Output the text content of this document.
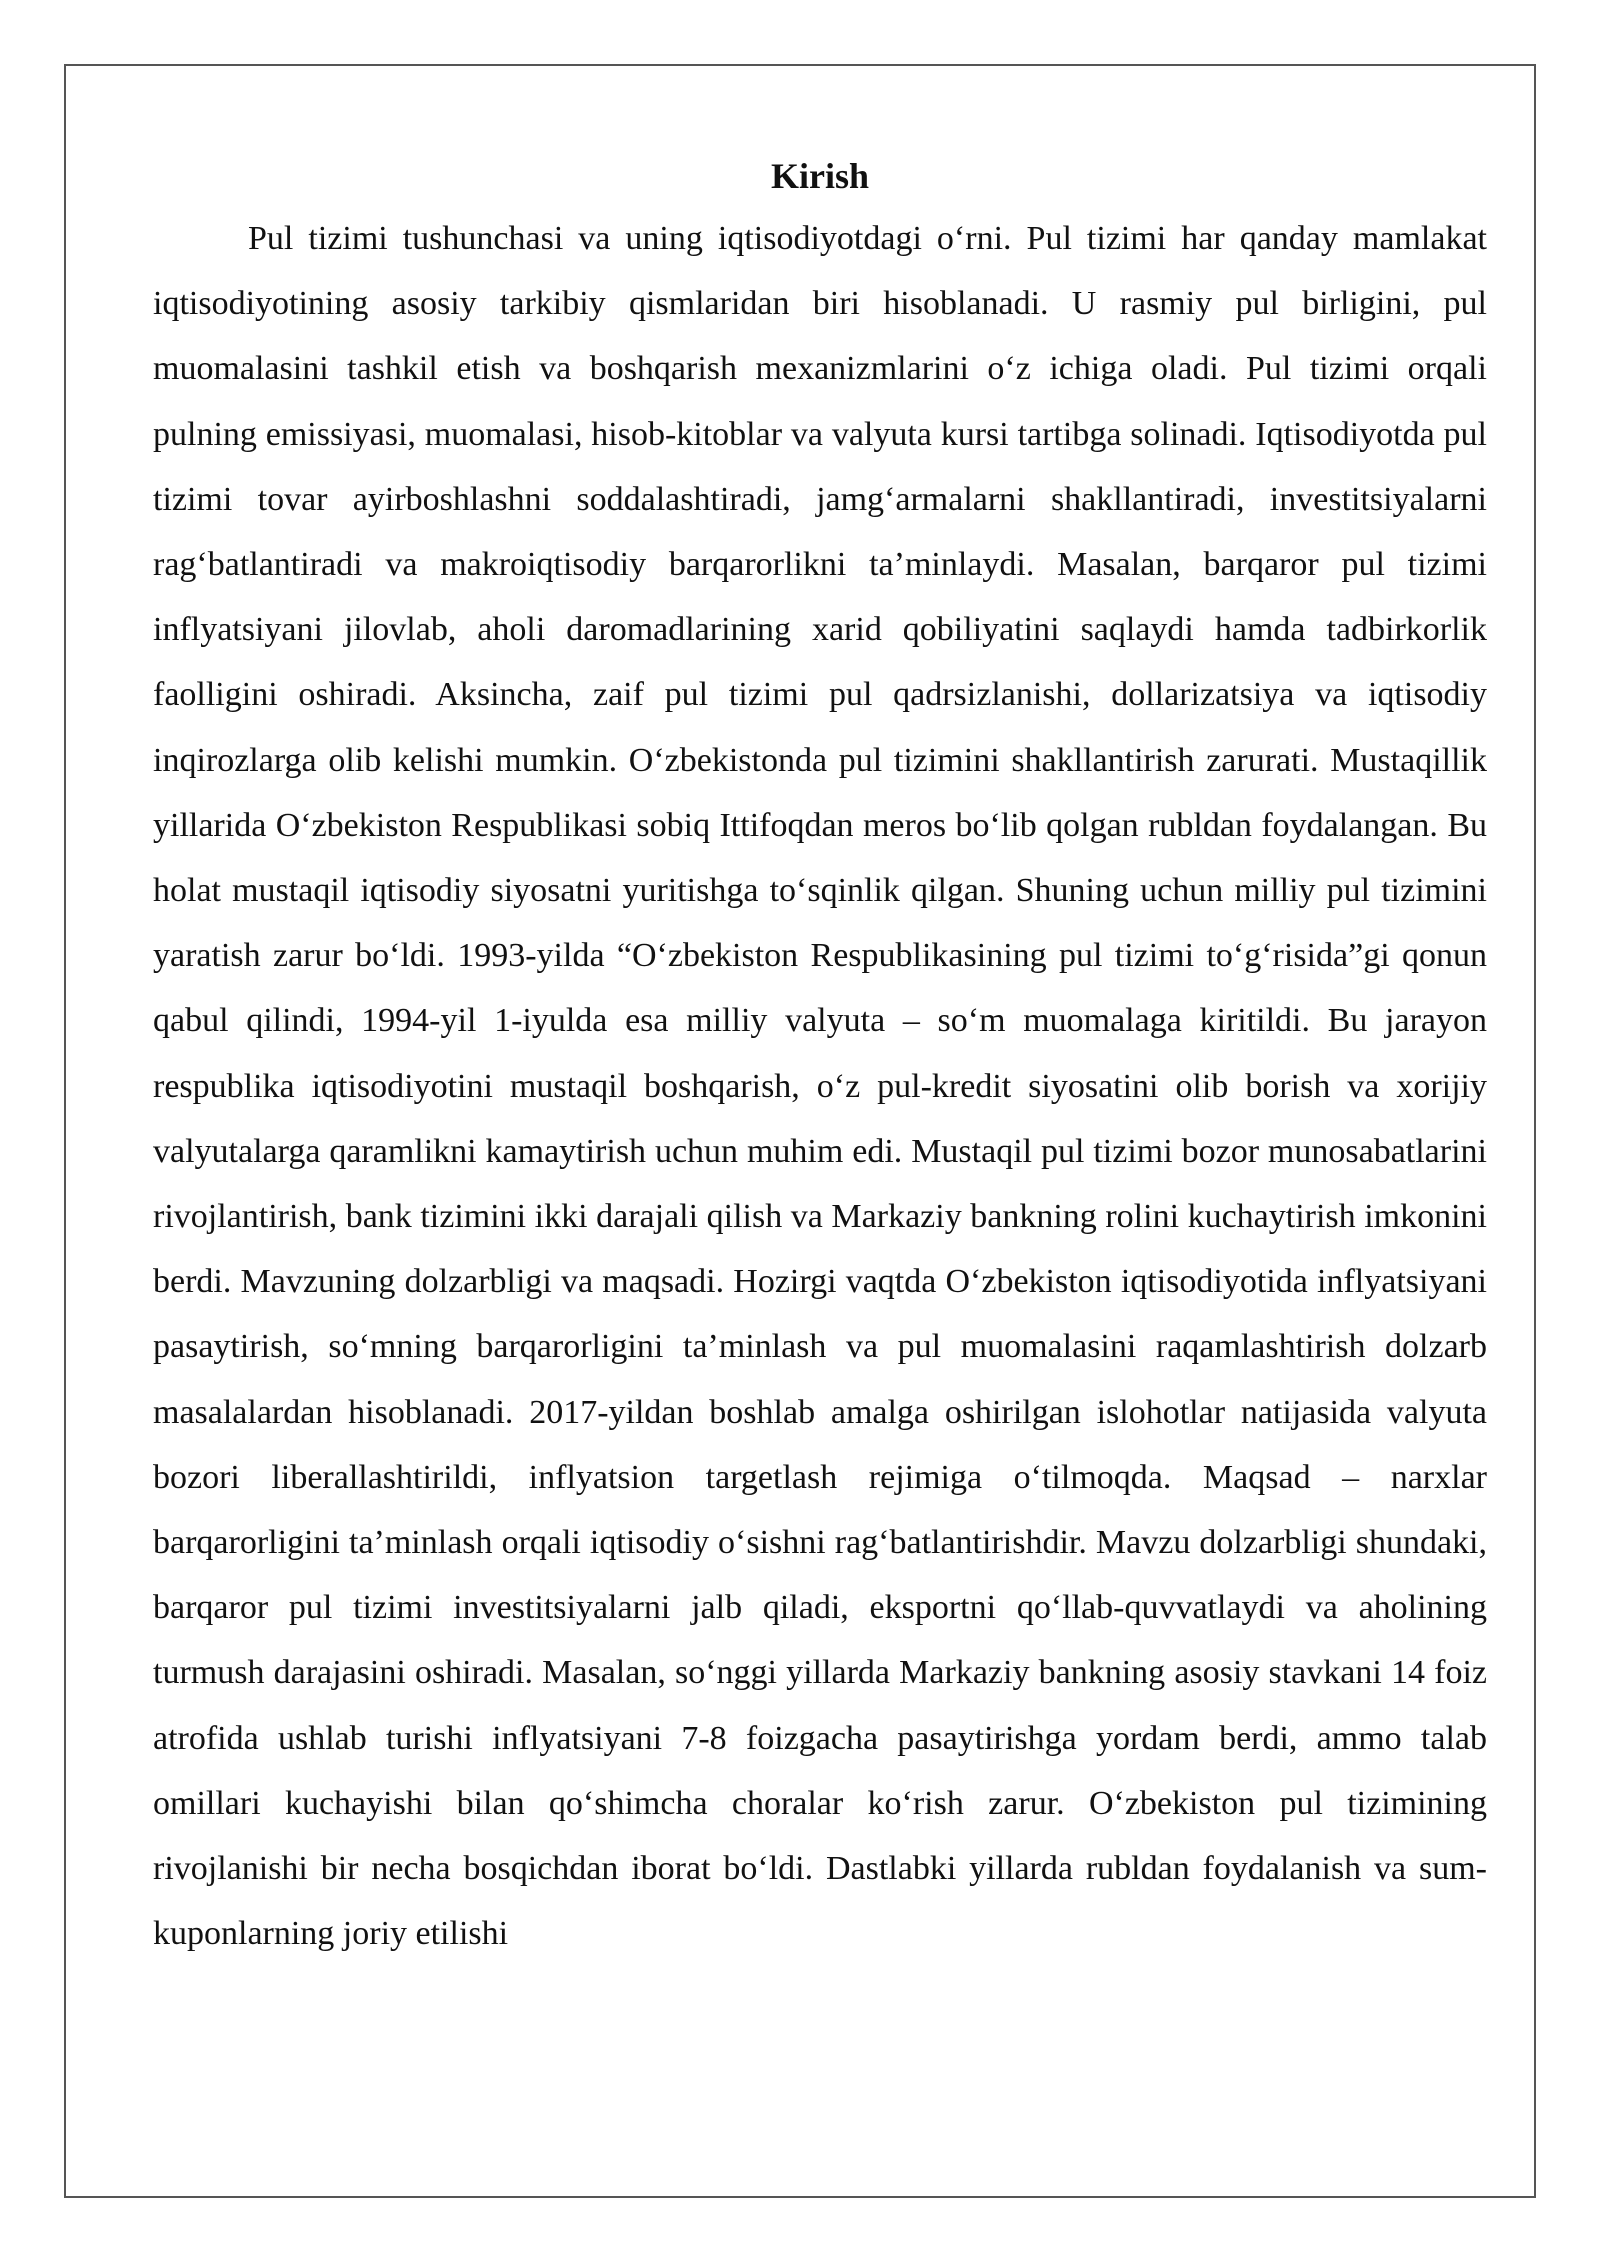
Kirish

Pul tizimi tushunchasi va uning iqtisodiyotdagi o‘rni. Pul tizimi har qanday mamlakat iqtisodiyotining asosiy tarkibiy qismlaridan biri hisoblanadi. U rasmiy pul birligini, pul muomalasini tashkil etish va boshqarish mexanizmlarini o‘z ichiga oladi. Pul tizimi orqali pulning emissiyasi, muomalasi, hisob-kitoblar va valyuta kursi tartibga solinadi. Iqtisodiyotda pul tizimi tovar ayirboshlashni soddalashtiradi, jamg‘armalarni shakllantiradi, investitsiyalarni rag‘batlantiradi va makroiqtisodiy barqarorlikni ta’minlaydi. Masalan, barqaror pul tizimi inflyatsiyani jilovlab, aholi daromadlarining xarid qobiliyatini saqlaydi hamda tadbirkorlik faolligini oshiradi. Aksincha, zaif pul tizimi pul qadrsizlanishi, dollarizatsiya va iqtisodiy inqirozlarga olib kelishi mumkin. O‘zbekistonda pul tizimini shakllantirish zarurati. Mustaqillik yillarida O‘zbekiston Respublikasi sobiq Ittifoqdan meros bo‘lib qolgan rubldan foydalangan. Bu holat mustaqil iqtisodiy siyosatni yuritishga to‘sqinlik qilgan. Shuning uchun milliy pul tizimini yaratish zarur bo‘ldi. 1993-yilda “O‘zbekiston Respublikasining pul tizimi to‘g‘risida”gi qonun qabul qilindi, 1994-yil 1-iyulda esa milliy valyuta – so‘m muomalaga kiritildi. Bu jarayon respublika iqtisodiyotini mustaqil boshqarish, o‘z pul-kredit siyosatini olib borish va xorijiy valyutalarga qaramlikni kamaytirish uchun muhim edi. Mustaqil pul tizimi bozor munosabatlarini rivojlantirish, bank tizimini ikki darajali qilish va Markaziy bankning rolini kuchaytirish imkonini berdi. Mavzuning dolzarbligi va maqsadi. Hozirgi vaqtda O‘zbekiston iqtisodiyotida inflyatsiyani pasaytirish, so‘mning barqarorligini ta’minlash va pul muomalasini raqamlashtirish dolzarb masalalardan hisoblanadi. 2017-yildan boshlab amalga oshirilgan islohotlar natijasida valyuta bozori liberallashtirildi, inflyatsion targetlash rejimiga o‘tilmoqda. Maqsad – narxlar barqarorligini ta’minlash orqali iqtisodiy o‘sishni rag‘batlantirishdir. Mavzu dolzarbligi shundaki, barqaror pul tizimi investitsiyalarni jalb qiladi, eksportni qo‘llab-quvvatlaydi va aholining turmush darajasini oshiradi. Masalan, so‘nggi yillarda Markaziy bankning asosiy stavkani 14 foiz atrofida ushlab turishi inflyatsiyani 7-8 foizgacha pasaytirishga yordam berdi, ammo talab omillari kuchayishi bilan qo‘shimcha choralar ko‘rish zarur. O‘zbekiston pul tizimining rivojlanishi bir necha bosqichdan iborat bo‘ldi. Dastlabki yillarda rubldan foydalanish va sum-kuponlarning joriy etilishi
